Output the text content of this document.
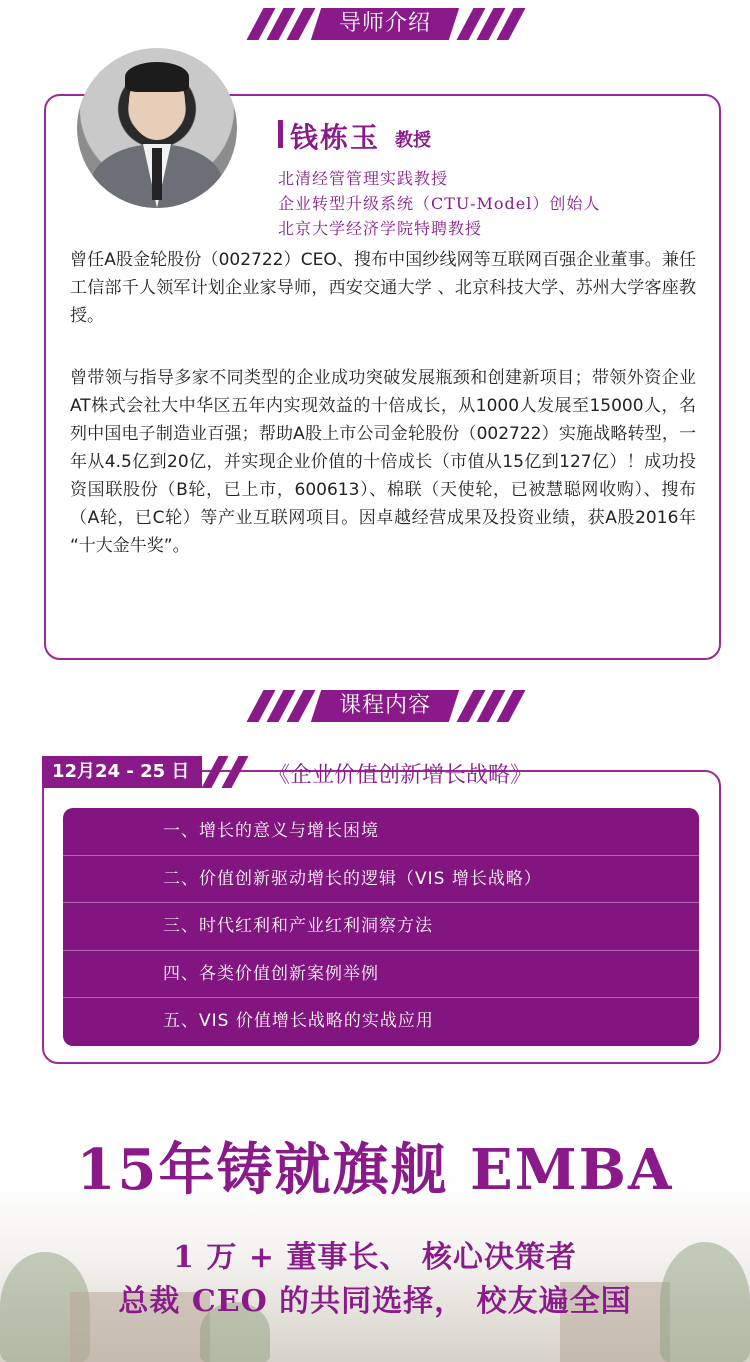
导师介绍
钱栋玉 教授
北清经管管理实践教授
企业转型升级系统（CTU-Model）创始人
北京大学经济学院特聘教授

曾任A股金轮股份（002722）CEO、搜布中国纱线网等互联网百强企业董事。兼任工信部千人领军计划企业家导师，西安交通大学 、北京科技大学、苏州大学客座教授。

曾带领与指导多家不同类型的企业成功突破发展瓶颈和创建新项目；带领外资企业AT株式会社大中华区五年内实现效益的十倍成长，从1000人发展至15000人，名列中国电子制造业百强；帮助A股上市公司金轮股份（002722）实施战略转型，一年从4.5亿到20亿，并实现企业价值的十倍成长（市值从15亿到127亿）！成功投资国联股份（B轮，已上市，600613）、棉联（天使轮，已被慧聪网收购）、搜布（A轮，已C轮）等产业互联网项目。因卓越经营成果及投资业绩，获A股2016年 “十大金牛奖”。

课程内容
12月24 - 25 日	《企业价值创新增长战略》
一、增长的意义与增长困境
二、价值创新驱动增长的逻辑（VIS 增长战略）
三、时代红利和产业红利洞察方法
四、各类价值创新案例举例
五、VIS 价值增长战略的实战应用
15年铸就旗舰 EMBA
1 万 + 董事长、 核心决策者
总裁 CEO 的共同选择， 校友遍全国
